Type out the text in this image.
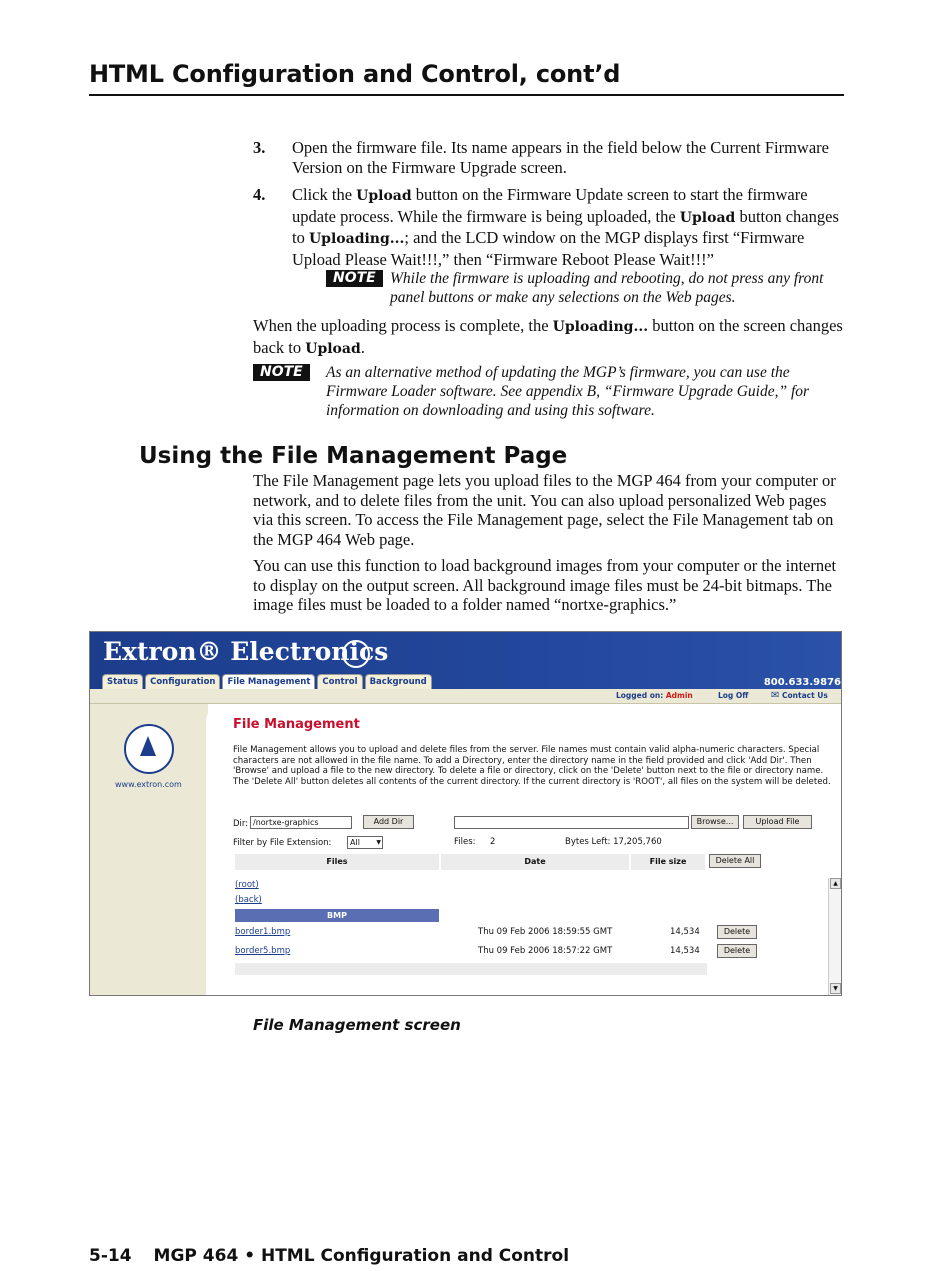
HTML Configuration and Control, cont’d
3. Open the firmware file. Its name appears in the field below the Current Firmware Version on the Firmware Upgrade screen.
4. Click the Upload button on the Firmware Update screen to start the firmware update process. While the firmware is being uploaded, the Upload button changes to Uploading...; and the LCD window on the MGP displays first “Firmware Upload Please Wait!!!,” then “Firmware Reboot Please Wait!!!”
NOTE While the firmware is uploading and rebooting, do not press any front panel buttons or make any selections on the Web pages.
When the uploading process is complete, the Uploading... button on the screen changes back to Upload.
NOTE	As an alternative method of updating the MGP’s firmware, you can use the Firmware Loader software. See appendix B, “Firmware Upgrade Guide,” for information on downloading and using this software.
Using the File Management Page
The File Management page lets you upload files to the MGP 464 from your computer or network, and to delete files from the unit. You can also upload personalized Web pages via this screen. To access the File Management page, select the File Management tab on the MGP 464 Web page.
You can use this function to load background images from your computer or the internet to display on the output screen. All background image files must be 24-bit bitmaps. The image files must be loaded to a folder named “nortxe-graphics.”
Extron® Electronics
800.633.9876
Status	Configuration	File Management	Control	Background
Logged on: Admin	Log Off ✉ Contact Us
www.extron.com
File Management
File Management allows you to upload and delete files from the server. File names must contain valid alpha-numeric characters. Special characters are not allowed in the file name. To add a Directory, enter the directory name in the field provided and click 'Add Dir'. Then 'Browse' and upload a file to the new directory. To delete a file or directory, click on the 'Delete' button next to the file or directory name. The 'Delete All' button deletes all contents of the current directory. If the current directory is 'ROOT', all files on the system will be deleted.
Dir: /nortxe-graphics	Add Dir	Browse...	Upload File
Filter by File Extension:	All	▼	Files: 2	Bytes Left: 17,205,760
Files	Date	File size	Delete All
(root)
(back)
BMP
border1.bmp	Thu 09 Feb 2006 18:59:55 GMT	14,534	Delete
border5.bmp	Thu 09 Feb 2006 18:57:22 GMT	14,534	Delete
▲
▼
File Management screen
5-14 MGP 464 • HTML Configuration and Control
